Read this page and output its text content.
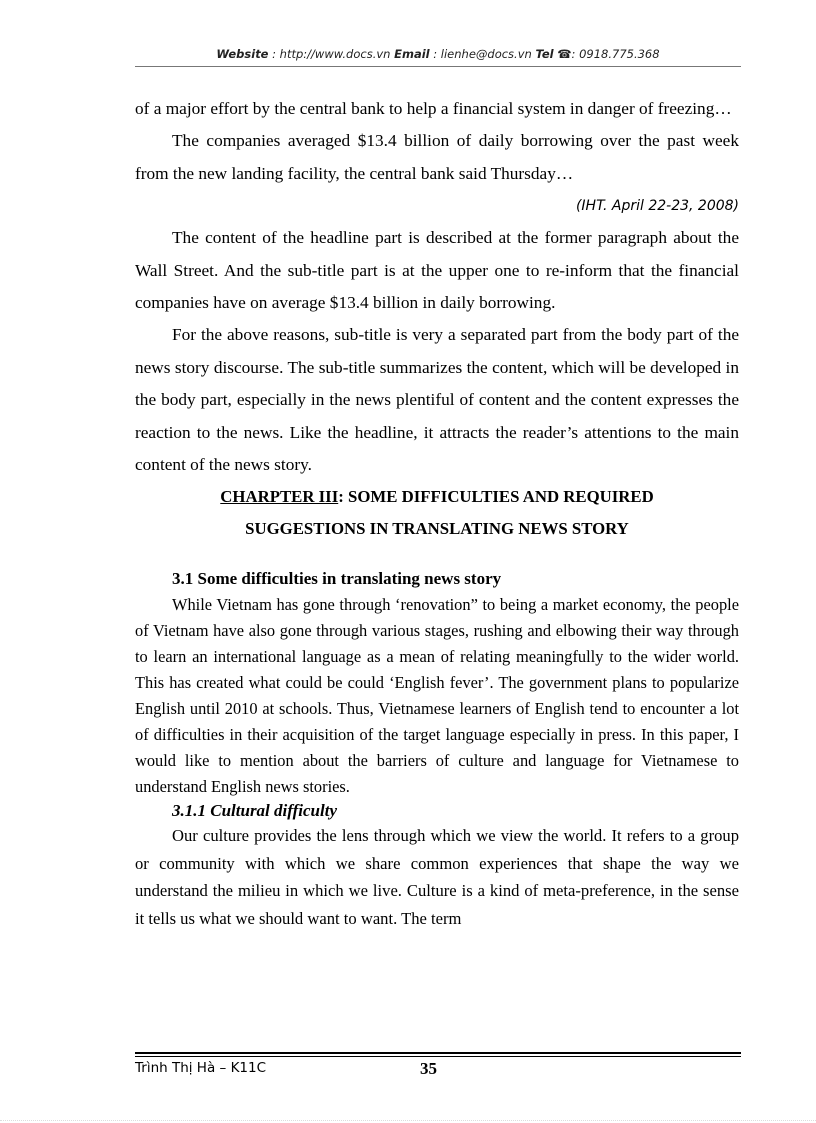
Website : http://www.docs.vn Email : lienhe@docs.vn Tel ☎: 0918.775.368

of a major effort by the central bank to help a financial system in danger of freezing…

The companies averaged $13.4 billion of daily borrowing over the past week from the new landing facility, the central bank said Thursday…

(IHT. April 22-23, 2008)

The content of the headline part is described at the former paragraph about the Wall Street. And the sub-title part is at the upper one to re-inform that the financial companies have on average $13.4 billion in daily borrowing.

For the above reasons, sub-title is very a separated part from the body part of the news story discourse. The sub-title summarizes the content, which will be developed in the body part, especially in the news plentiful of content and the content expresses the reaction to the news. Like the headline, it attracts the reader’s attentions to the main content of the news story.

CHARPTER III: SOME DIFFICULTIES AND REQUIRED

SUGGESTIONS IN TRANSLATING NEWS STORY

3.1 Some difficulties in translating news story

While Vietnam has gone through ‘renovation” to being a market economy, the people of Vietnam have also gone through various stages, rushing and elbowing their way through to learn an international language as a mean of relating meaningfully to the wider world. This has created what could be could ‘English fever’. The government plans to popularize English until 2010 at schools. Thus, Vietnamese learners of English tend to encounter a lot of difficulties in their acquisition of the target language especially in press. In this paper, I would like to mention about the barriers of culture and language for Vietnamese to understand English news stories.

3.1.1 Cultural difficulty

Our culture provides the lens through which we view the world. It refers to a group or community with which we share common experiences that shape the way we understand the milieu in which we live. Culture is a kind of meta-preference, in the sense it tells us what we should want to want. The term

Trình Thị Hà – K11C	35
